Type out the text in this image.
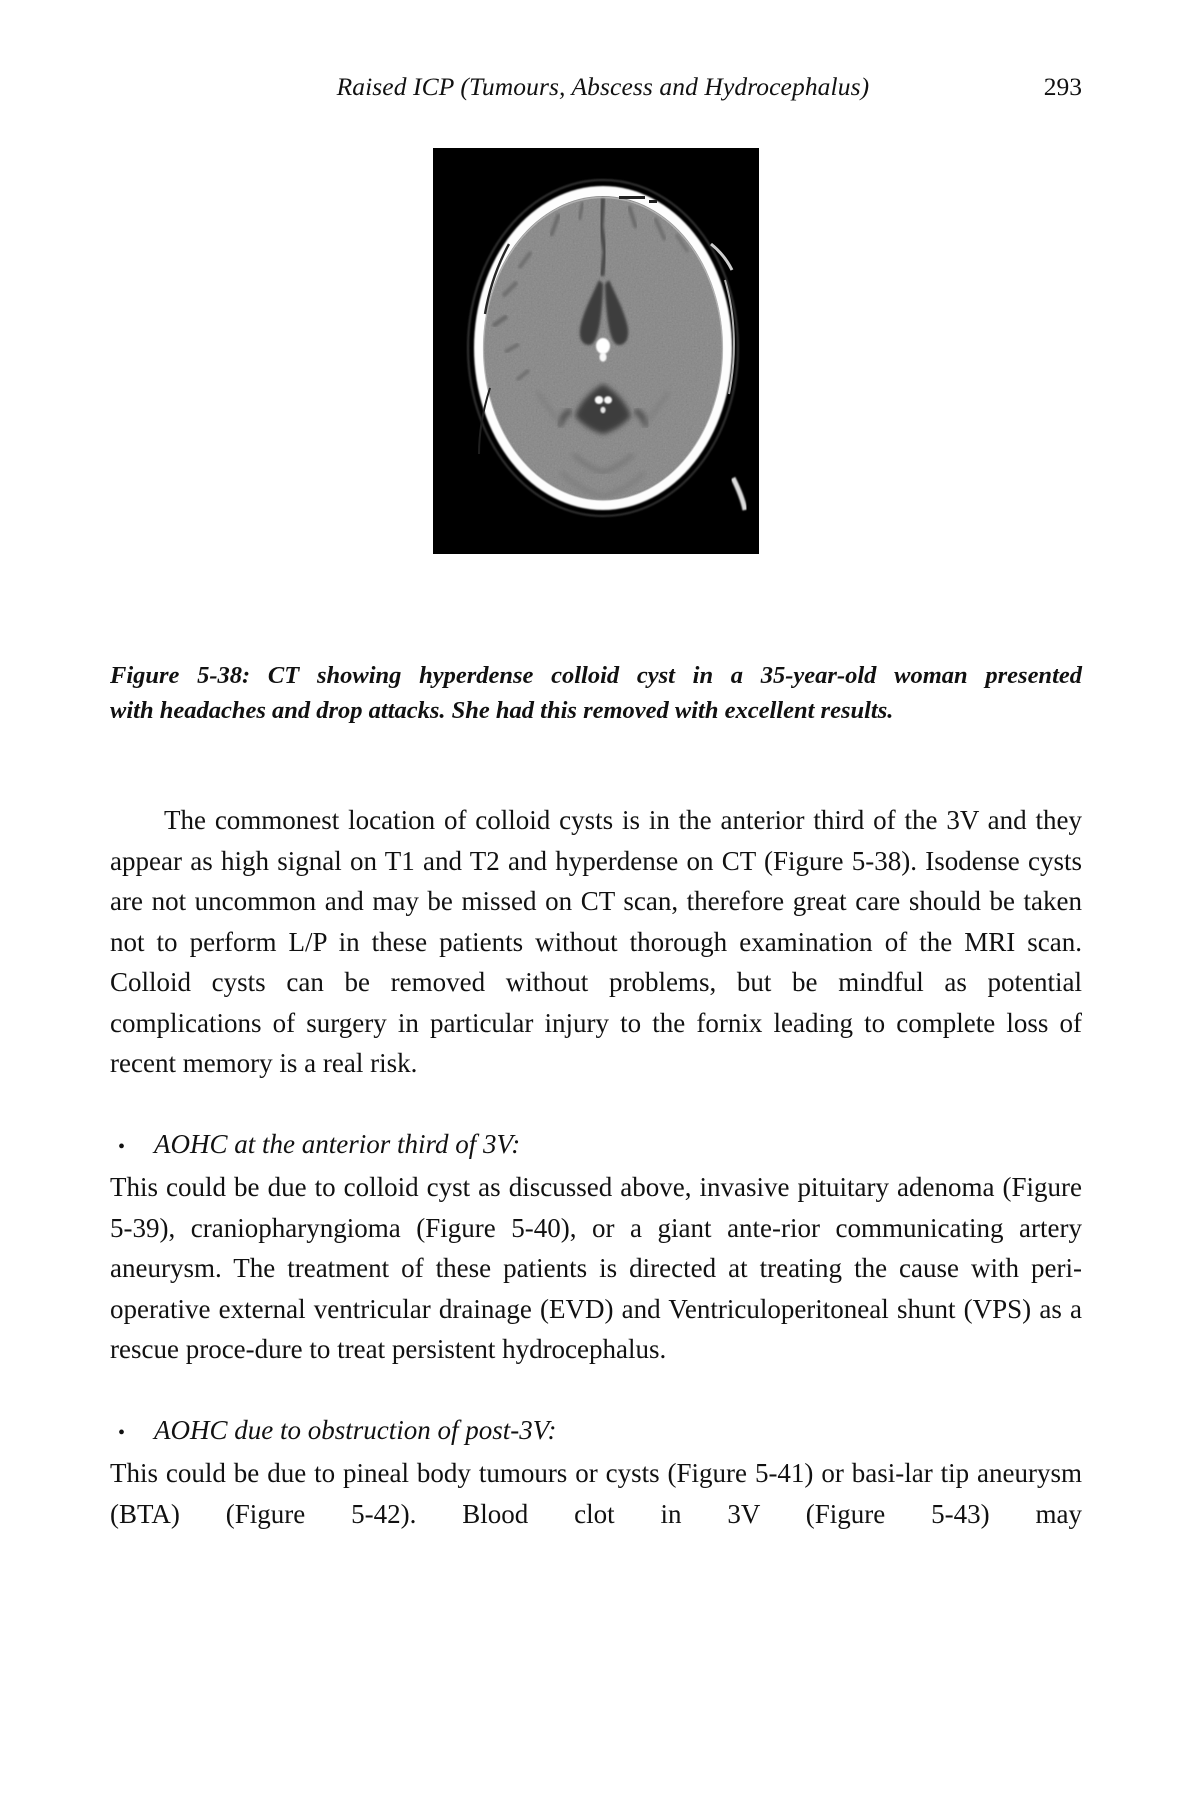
Raised ICP (Tumours, Abscess and Hydrocephalus)	293
Figure 5-38: CT showing hyperdense colloid cyst in a 35-year-old woman presented
with headaches and drop attacks. She had this removed with excellent results.

The commonest location of colloid cysts is in the anterior third of the 3V and they appear as high signal on T1 and T2 and hyperdense on CT (Figure 5-38). Isodense cysts are not uncommon and may be missed on CT scan, therefore great care should be taken not to perform L/P in these patients without thorough examination of the MRI scan. Colloid cysts can be removed without problems, but be mindful as potential complications of surgery in particular injury to the fornix leading to complete loss of recent memory is a real risk.

•	AOHC at the anterior third of 3V:

This could be due to colloid cyst as discussed above, invasive pituitary adenoma (Figure 5-39), craniopharyngioma (Figure 5-40), or a giant ante-rior communicating artery aneurysm. The treatment of these patients is directed at treating the cause with peri-operative external ventricular drainage (EVD) and Ventriculoperitoneal shunt (VPS) as a rescue proce-dure to treat persistent hydrocephalus.

•	AOHC due to obstruction of post-3V:

This could be due to pineal body tumours or cysts (Figure 5-41) or basi-lar tip aneurysm (BTA) (Figure 5-42). Blood clot in 3V (Figure 5-43) may
